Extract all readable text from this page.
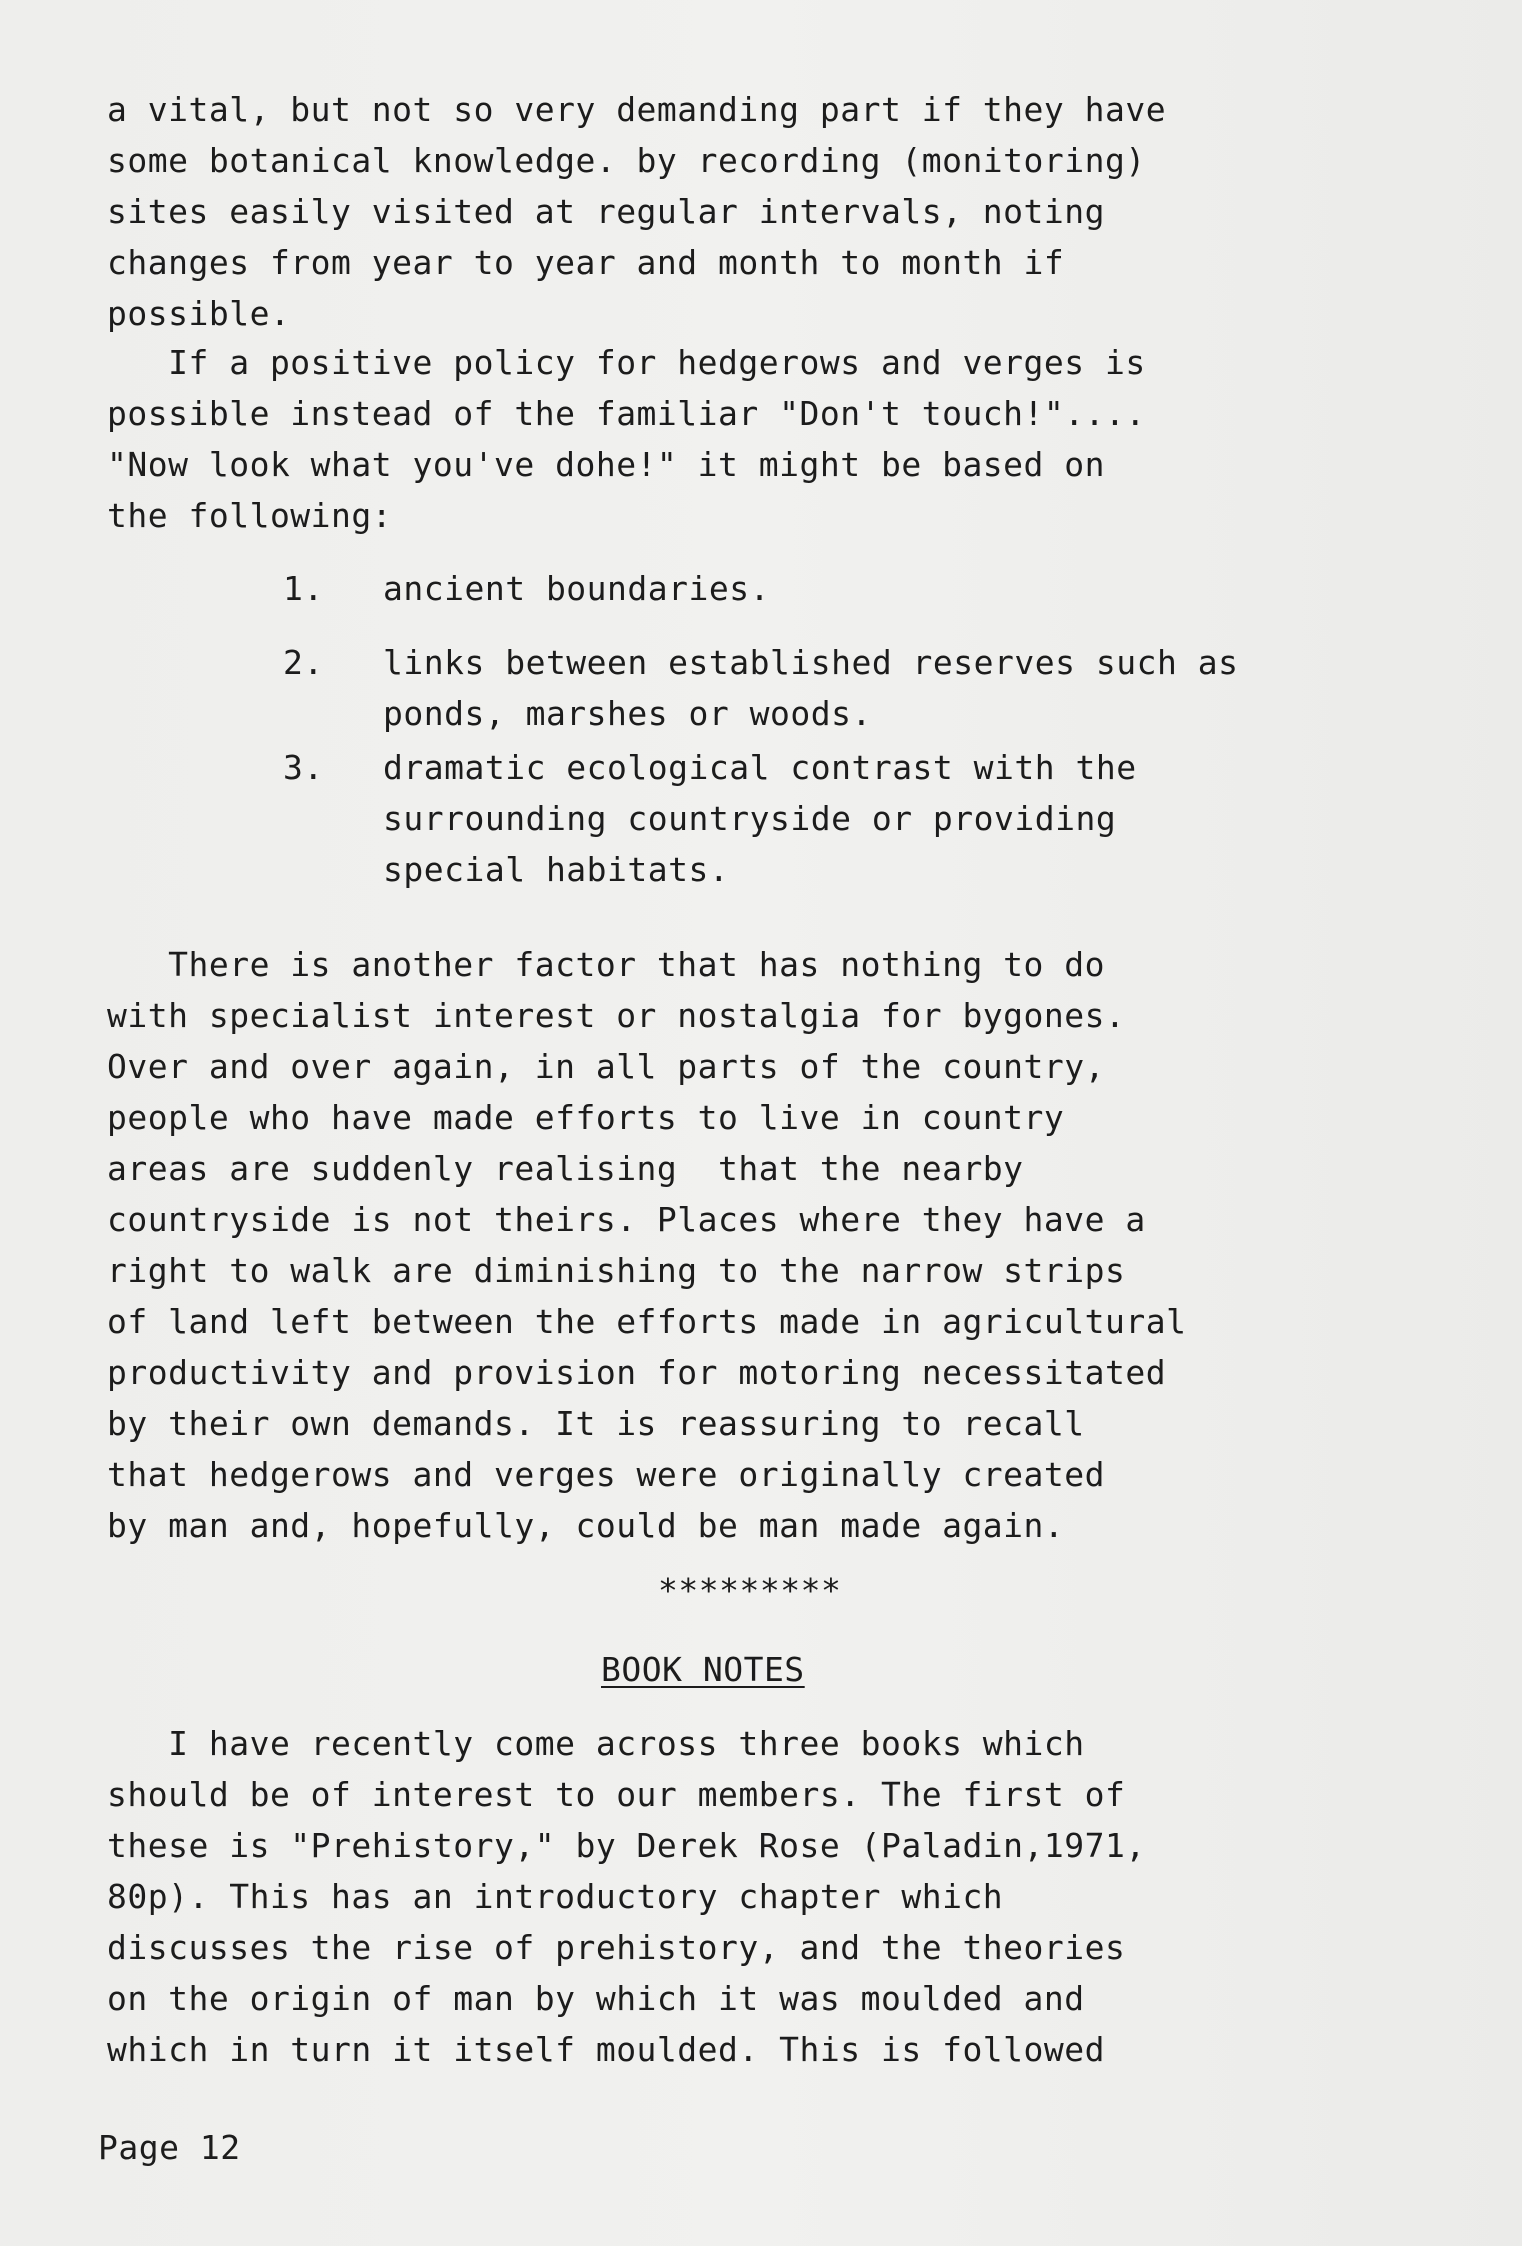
a vital, but not so very demanding part if they have
some botanical knowledge. by recording (monitoring)
sites easily visited at regular intervals, noting
changes from year to year and month to month if
possible.
If a positive policy for hedgerows and verges is
possible instead of the familiar "Don't touch!"....
"Now look what you've dohe!" it might be based on
the following:
1. ancient boundaries.
2. links between established reserves such as
ponds, marshes or woods.
3. dramatic ecological contrast with the
surrounding countryside or providing
special habitats.
There is another factor that has nothing to do
with specialist interest or nostalgia for bygones.
Over and over again, in all parts of the country,
people who have made efforts to live in country
areas are suddenly realising  that the nearby
countryside is not theirs. Places where they have a
right to walk are diminishing to the narrow strips
of land left between the efforts made in agricultural
productivity and provision for motoring necessitated
by their own demands. It is reassuring to recall
that hedgerows and verges were originally created
by man and, hopefully, could be man made again.
*********
BOOK NOTES
I have recently come across three books which
should be of interest to our members. The first of
these is "Prehistory," by Derek Rose (Paladin,1971,
80p). This has an introductory chapter which
discusses the rise of prehistory, and the theories
on the origin of man by which it was moulded and
which in turn it itself moulded. This is followed
Page 12
